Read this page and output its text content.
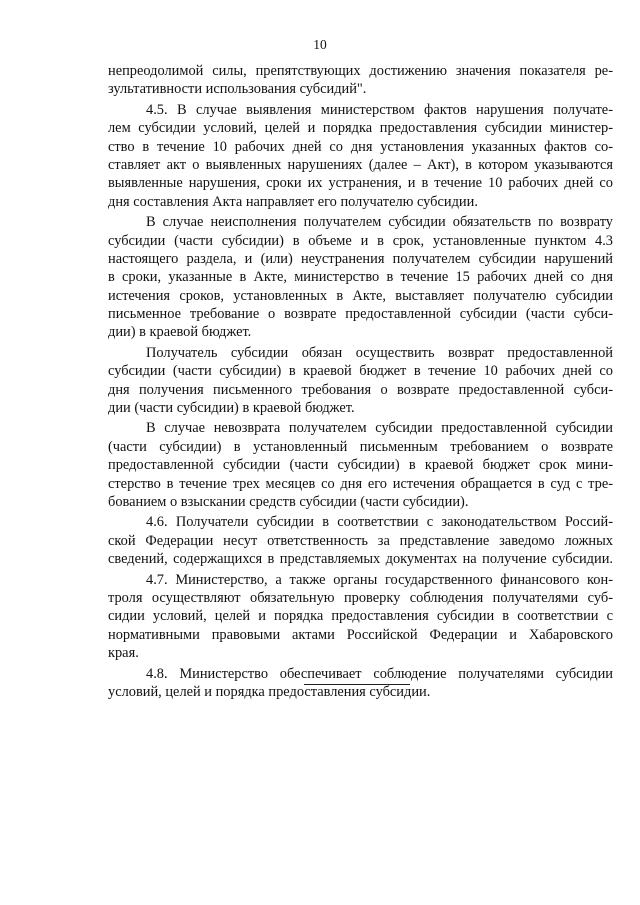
10
непреодолимой силы, препятствующих достижению значения показателя ре-
зультативности использования субсидий".
4.5. В случае выявления министерством фактов нарушения получате-
лем субсидии условий, целей и порядка предоставления субсидии министер-
ство в течение 10 рабочих дней со дня установления указанных фактов со-
ставляет акт о выявленных нарушениях (далее – Акт), в котором указываются
выявленные нарушения, сроки их устранения, и в течение 10 рабочих дней со
дня составления Акта направляет его получателю субсидии.
В случае неисполнения получателем субсидии обязательств по возврату
субсидии (части субсидии) в объеме и в срок, установленные пунктом 4.3
настоящего раздела, и (или) неустранения получателем субсидии нарушений
в сроки, указанные в Акте, министерство в течение 15 рабочих дней со дня
истечения сроков, установленных в Акте, выставляет получателю субсидии
письменное требование о возврате предоставленной субсидии (части субси-
дии) в краевой бюджет.
Получатель субсидии обязан осуществить возврат предоставленной
субсидии (части субсидии) в краевой бюджет в течение 10 рабочих дней со
дня получения письменного требования о возврате предоставленной субси-
дии (части субсидии) в краевой бюджет.
В случае невозврата получателем субсидии предоставленной субсидии
(части субсидии) в установленный письменным требованием о возврате
предоставленной субсидии (части субсидии) в краевой бюджет срок мини-
стерство в течение трех месяцев со дня его истечения обращается в суд с тре-
бованием о взыскании средств субсидии (части субсидии).
4.6. Получатели субсидии в соответствии с законодательством Россий-
ской Федерации несут ответственность за представление заведомо ложных
сведений, содержащихся в представляемых документах на получение субсидии.
4.7. Министерство, а также органы государственного финансового кон-
троля осуществляют обязательную проверку соблюдения получателями суб-
сидии условий, целей и порядка предоставления субсидии в соответствии с
нормативными правовыми актами Российской Федерации и Хабаровского
края.
4.8. Министерство обеспечивает соблюдение получателями субсидии
условий, целей и порядка предоставления субсидии.
